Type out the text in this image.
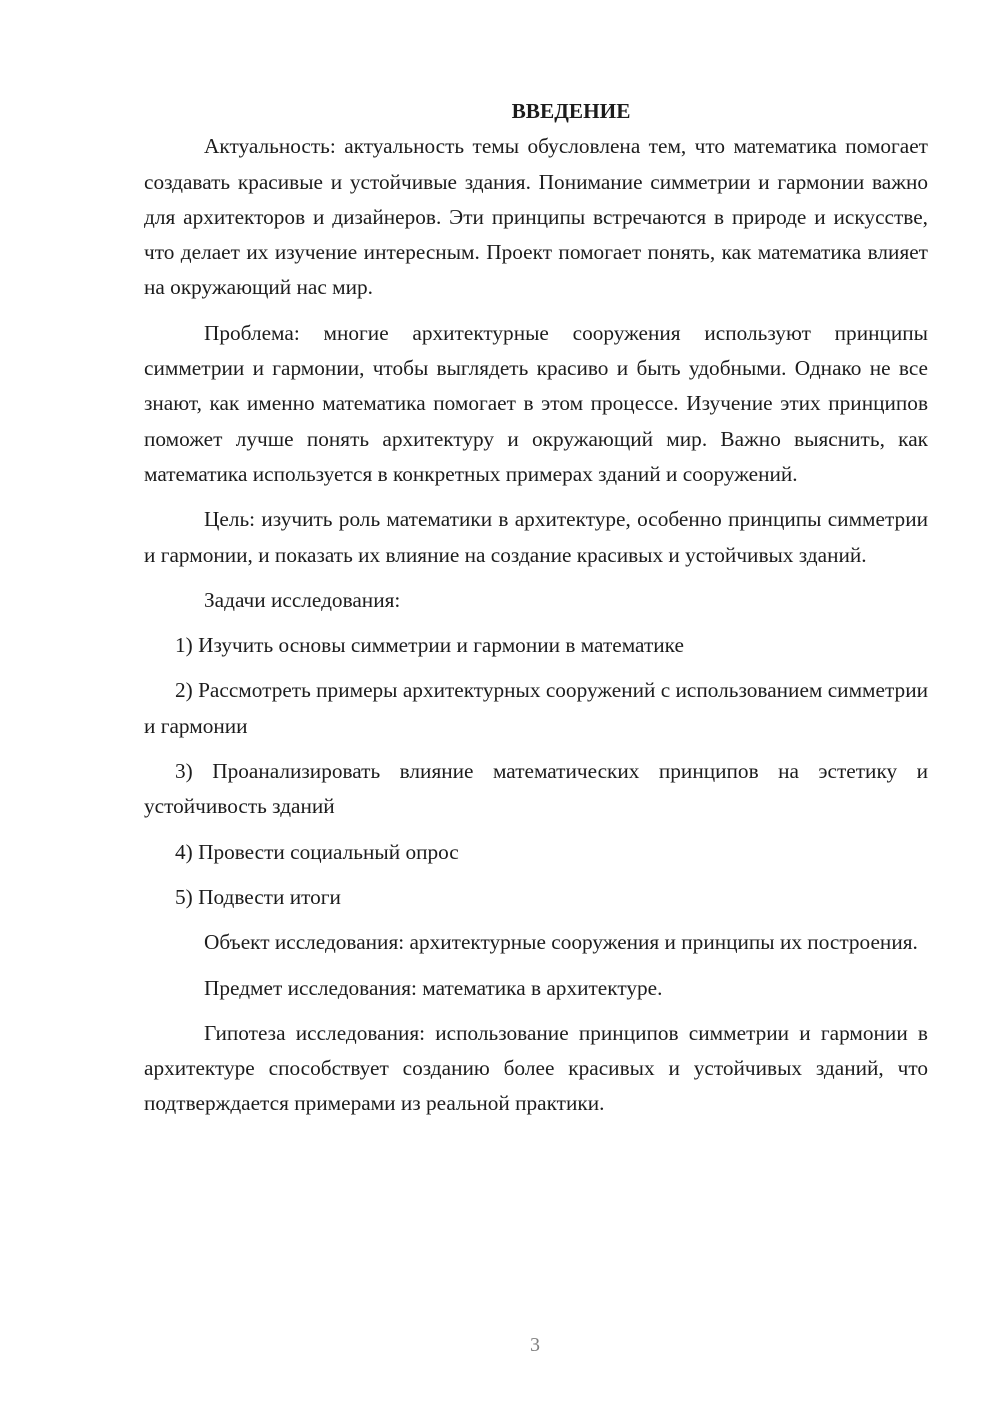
ВВЕДЕНИЕ

Актуальность: актуальность темы обусловлена тем, что математика помогает создавать красивые и устойчивые здания. Понимание симметрии и гармонии важно для архитекторов и дизайнеров. Эти принципы встречаются в природе и искусстве, что делает их изучение интересным. Проект помогает понять, как математика влияет на окружающий нас мир.

Проблема: многие архитектурные сооружения используют принципы симметрии и гармонии, чтобы выглядеть красиво и быть удобными. Однако не все знают, как именно математика помогает в этом процессе. Изучение этих принципов поможет лучше понять архитектуру и окружающий мир. Важно выяснить, как математика используется в конкретных примерах зданий и сооружений.

Цель: изучить роль математики в архитектуре, особенно принципы симметрии и гармонии, и показать их влияние на создание красивых и устойчивых зданий.

Задачи исследования:

1) Изучить основы симметрии и гармонии в математике

2) Рассмотреть примеры архитектурных сооружений с использованием симметрии и гармонии

3) Проанализировать влияние математических принципов на эстетику и устойчивость зданий

4) Провести социальный опрос

5) Подвести итоги

Объект исследования: архитектурные сооружения и принципы их построения.

Предмет исследования: математика в архитектуре.

Гипотеза исследования: использование принципов симметрии и гармонии в архитектуре способствует созданию более красивых и устойчивых зданий, что подтверждается примерами из реальной практики.

3
